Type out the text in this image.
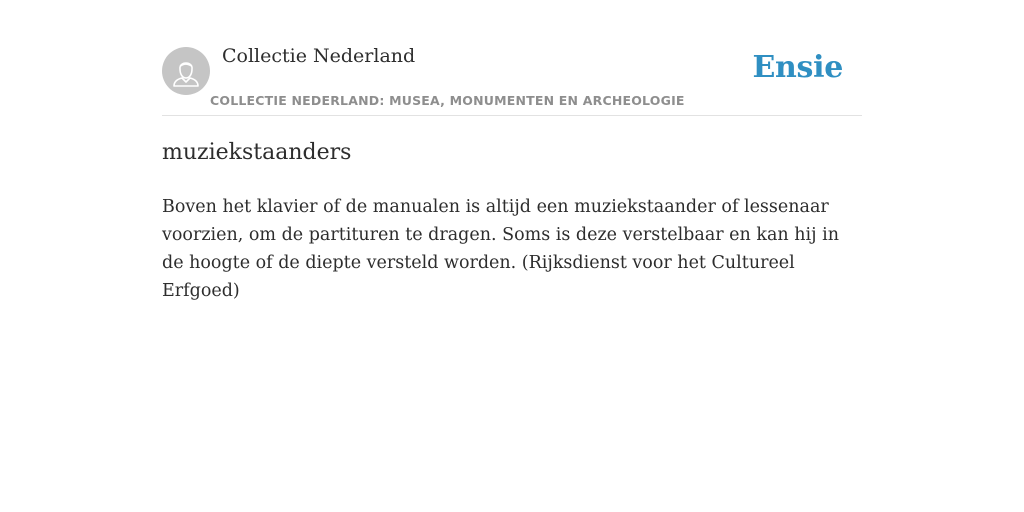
Collectie Nederland
COLLECTIE NEDERLAND: MUSEA, MONUMENTEN EN ARCHEOLOGIE
Ensie
muziekstaanders

Boven het klavier of de manualen is altijd een muziekstaander of lessenaar voorzien, om de partituren te dragen. Soms is deze verstelbaar en kan hij in de hoogte of de diepte versteld worden. (Rijksdienst voor het Cultureel Erfgoed)
